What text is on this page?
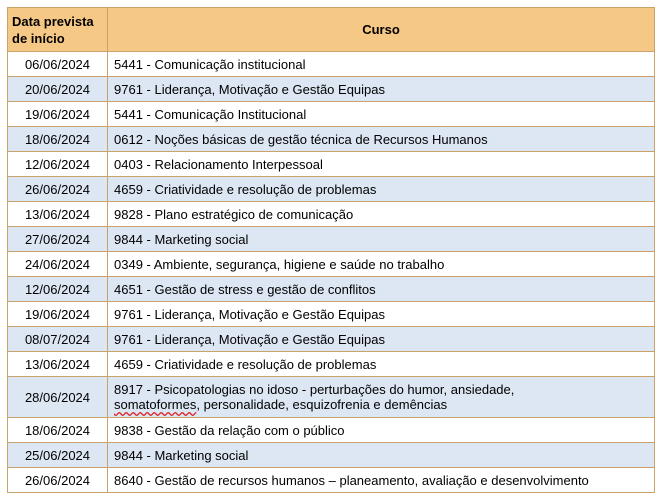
Data prevista
de início	Curso
06/06/2024	5441 - Comunicação institucional
20/06/2024	9761 - Liderança, Motivação e Gestão Equipas
19/06/2024	5441 - Comunicação Institucional
18/06/2024	0612 - Noções básicas de gestão técnica de Recursos Humanos
12/06/2024	0403 - Relacionamento Interpessoal
26/06/2024	4659 - Criatividade e resolução de problemas
13/06/2024	9828 - Plano estratégico de comunicação
27/06/2024	9844 - Marketing social
24/06/2024	0349 - Ambiente, segurança, higiene e saúde no trabalho
12/06/2024	4651 - Gestão de stress e gestão de conflitos
19/06/2024	9761 - Liderança, Motivação e Gestão Equipas
08/07/2024	9761 - Liderança, Motivação e Gestão Equipas
13/06/2024	4659 - Criatividade e resolução de problemas
28/06/2024	8917 - Psicopatologias no idoso - perturbações do humor, ansiedade,
somatoformes, personalidade, esquizofrenia e demências
18/06/2024	9838 - Gestão da relação com o público
25/06/2024	9844 - Marketing social
26/06/2024	8640 - Gestão de recursos humanos – planeamento, avaliação e desenvolvimento
